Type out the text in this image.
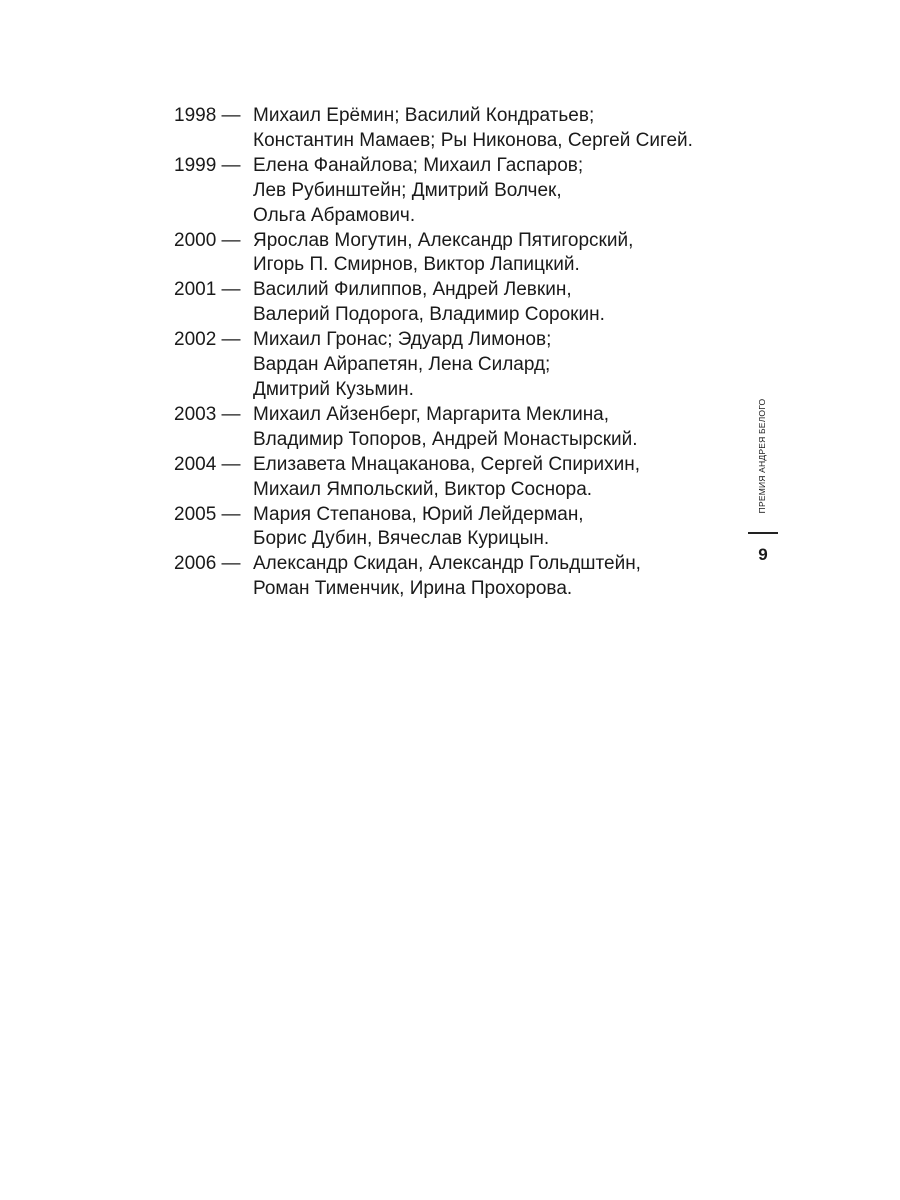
1998 — Михаил Ерёмин; Василий Кондратьев;
Константин Мамаев; Ры Никонова, Сергей Сигей.
1999 — Елена Фанайлова; Михаил Гаспаров;
Лев Рубинштейн; Дмитрий Волчек,
Ольга Абрамович.
2000 — Ярослав Могутин, Александр Пятигорский,
Игорь П. Смирнов, Виктор Лапицкий.
2001 — Василий Филиппов, Андрей Левкин,
Валерий Подорога, Владимир Сорокин.
2002 — Михаил Гронас; Эдуард Лимонов;
Вардан Айрапетян, Лена Силард;
Дмитрий Кузьмин.
2003 — Михаил Айзенберг, Маргарита Меклина,
Владимир Топоров, Андрей Монастырский.
2004 — Елизавета Мнацаканова, Сергей Спирихин,
Михаил Ямпольский, Виктор Соснора.
2005 — Мария Степанова, Юрий Лейдерман,
Борис Дубин, Вячеслав Курицын.
2006 — Александр Скидан, Александр Гольдштейн,
Роман Тименчик, Ирина Прохорова.
ПРЕМИЯ АНДРЕЯ БЕЛОГО
9
